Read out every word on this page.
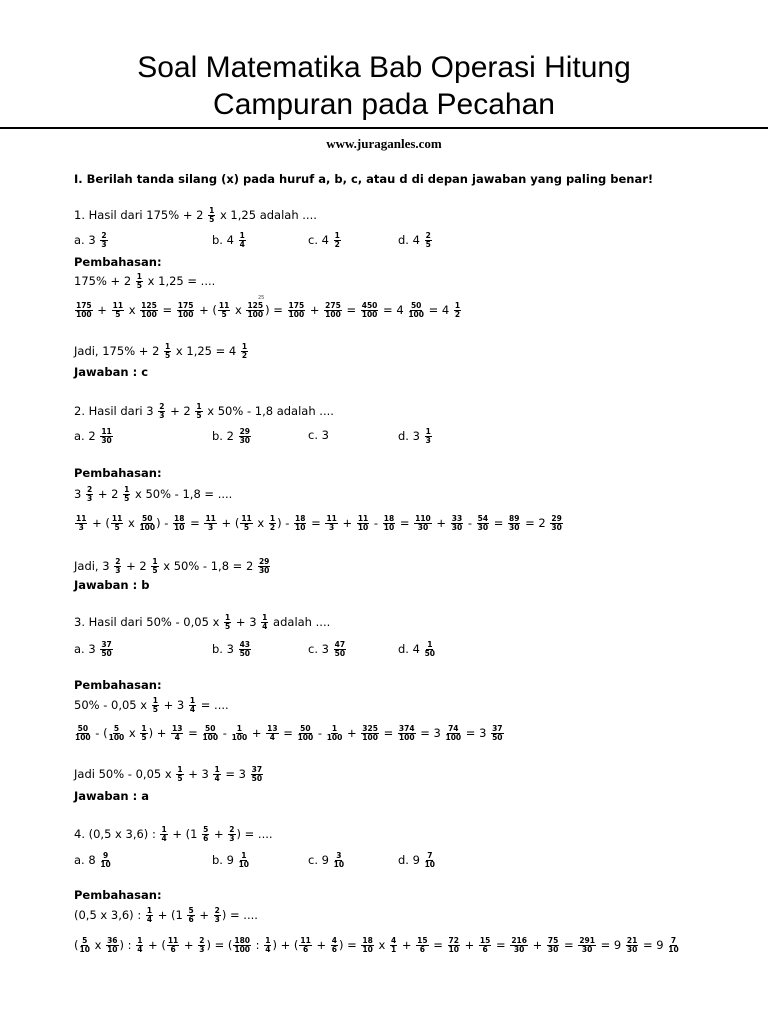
Soal Matematika Bab Operasi Hitung
Campuran pada Pecahan
www.juraganles.com
I. Berilah tanda silang (x) pada huruf a, b, c, atau d di depan jawaban yang paling benar!
1. Hasil dari $175\% + 2 \frac{1}{5}$ x 1,25 adalah ....
a. $3 \frac{2}{3}$	b. $4 \frac{1}{4}$	c. $4 \frac{1}{2}$	d. $4 \frac{2}{5}$
Pembahasan:
$175\% + 2 \frac{1}{5}$ x 1,25 = ....
$\frac{175}{100} + \frac{11}{5}$ x $\frac{125}{100} = \frac{175}{100}$ + ( $\frac{11}{5}$ x $\frac{125}{100}$ ) = $\frac{175}{100} + \frac{275}{100} = \frac{450}{100} = 4 \frac{50}{100} = 4 \frac{1}{2}$
Jadi, $175\% + 2 \frac{1}{5}$ x $1,25 = 4 \frac{1}{2}$
Jawaban : c
2. Hasil dari $3 \frac{2}{3} + 2 \frac{1}{5}$ x 50% - 1,8 adalah ....
a. $2 \frac{11}{30}$	b. $2 \frac{29}{30}$	c. 3	d. $3 \frac{1}{3}$
Pembahasan:
$3 \frac{2}{3} + 2 \frac{1}{5}$ x 50% - 1,8 = ....
$\frac{11}{3}$ + ( $\frac{11}{5}$ x $\frac{50}{100}$ ) - $\frac{18}{10} = \frac{11}{3}$ + ( $\frac{11}{5}$ x $\frac{1}{2}$ ) - $\frac{18}{10} = \frac{11}{3} + \frac{11}{10} - \frac{18}{10} = \frac{110}{30} + \frac{33}{30} - \frac{54}{30} = \frac{89}{30} = 2 \frac{29}{30}$
Jadi, $3 \frac{2}{3} + 2 \frac{1}{5}$ x $50\% - 1,8 = 2 \frac{29}{30}$
Jawaban : b
3. Hasil dari 50% - 0,05 x $\frac{1}{5} + 3 \frac{1}{4}$ adalah ....
a. $3 \frac{37}{50}$	b. $3 \frac{43}{50}$	c. $3 \frac{47}{50}$	d. $4 \frac{1}{50}$
Pembahasan:
50% - 0,05 x $\frac{1}{5} + 3 \frac{1}{4}$ = ....
$\frac{50}{100}$ - ( $\frac{5}{100}$ x $\frac{1}{5}$ ) + $\frac{13}{4} = \frac{50}{100} - \frac{1}{100} + \frac{13}{4} = \frac{50}{100} - \frac{1}{100} + \frac{325}{100} = \frac{374}{100} = 3 \frac{74}{100} = 3 \frac{37}{50}$
Jadi 50% - 0,05 x $\frac{1}{5} + 3 \frac{1}{4} = 3 \frac{37}{50}$
Jawaban : a
4. (0,5 x 3,6) : $\frac{1}{4} + (1 \frac{5}{6} + \frac{2}{3}$ ) = ....
a. $8 \frac{9}{10}$	b. $9 \frac{1}{10}$	c. $9 \frac{3}{10}$	d. $9 \frac{7}{10}$
Pembahasan:
(0,5 x 3,6) : $\frac{1}{4} + (1 \frac{5}{6} + \frac{2}{3}$ ) = ....
( $\frac{5}{10}$ x $\frac{36}{10}$ ) : $\frac{1}{4}$ + ( $\frac{11}{6} + \frac{2}{3}$ ) = ( $\frac{180}{100}$ : $\frac{1}{4}$ ) + ( $\frac{11}{6} + \frac{4}{6}$ ) = $\frac{18}{10}$ x $\frac{4}{1} + \frac{15}{6} = \frac{72}{10} + \frac{15}{6} = \frac{216}{30} + \frac{75}{30} = \frac{291}{30} = 9 \frac{21}{30} = 9 \frac{7}{10}$
25
